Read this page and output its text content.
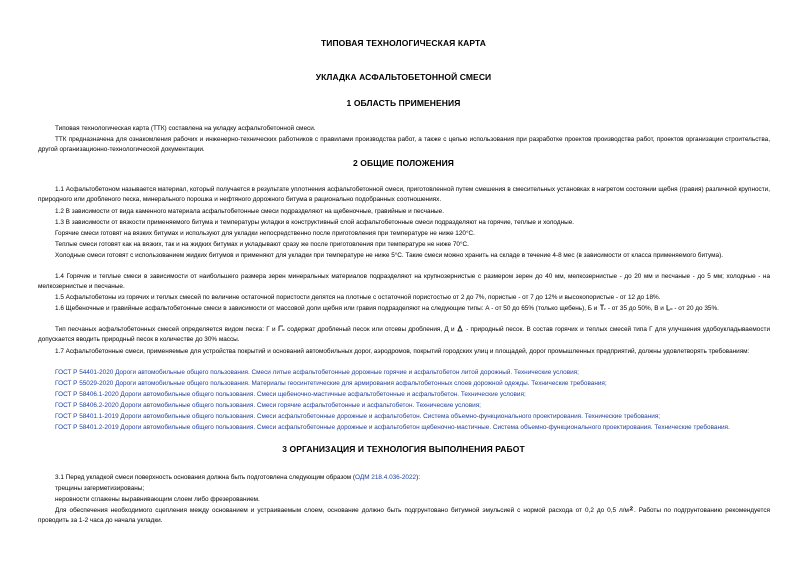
ТИПОВАЯ ТЕХНОЛОГИЧЕСКАЯ КАРТА
УКЛАДКА АСФАЛЬТОБЕТОННОЙ СМЕСИ
1 ОБЛАСТЬ ПРИМЕНЕНИЯ
Типовая технологическая карта (ТТК) составлена на укладку асфальтобетонной смеси.
ТТК предназначена для ознакомления рабочих и инженерно-технических работников с правилами производства работ, а также с целью использования при разработке проектов производства работ, проектов организации строительства, другой организационно-технологической документации.
2 ОБЩИЕ ПОЛОЖЕНИЯ
1.1 Асфальтобетоном называется материал, который получается в результате уплотнения асфальтобетонной смеси, приготовленной путем смешения в смесительных установках в нагретом состоянии щебня (гравия) различной крупности, природного или дробленого песка, минерального порошка и нефтяного дорожного битума в рационально подобранных соотношениях.
1.2 В зависимости от вида каменного материала асфальтобетонные смеси подразделяют на щебеночные, гравийные и песчаные.
1.3 В зависимости от вязкости применяемого битума и температуры укладки в конструктивный слой асфальтобетонные смеси подразделяют на горячие, теплые и холодные.
Горячие смеси готовят на вязких битумах и используют для укладки непосредственно после приготовления при температуре не ниже 120°С.
Теплые смеси готовят как на вязких, так и на жидких битумах и укладывают сразу же после приготовления при температуре не ниже 70°С.
Холодные смеси готовят с использованием жидких битумов и применяют для укладки при температуре не ниже 5°С. Такие смеси можно хранить на складе в течение 4-8 мес (в зависимости от класса применяемого битума).
1.4 Горячие и теплые смеси в зависимости от наибольшего размера зерен минеральных материалов подразделяют на крупнозернистые с размером зерен до 40 мм, мелкозернистые - до 20 мм и песчаные - до 5 мм; холодные - на мелкозернистые и песчаные.
1.5 Асфальтобетоны из горячих и теплых смесей по величине остаточной пористости делятся на плотные с остаточной пористостью от 2 до 7%, пористые - от 7 до 12% и высокопористые - от 12 до 18%.
1.6 Щебеночные и гравийные асфальтобетонные смеси в зависимости от массовой доли щебня или гравия подразделяют на следующие типы: А - от 50 до 65% (только щебень), Б и - от 35 до 50%, В и - от 20 до 35%.
Тип песчаных асфальтобетонных смесей определяется видом песка: Г и содержат дробленый песок или отсевы дробления, Д и - природный песок. В состав горячих и теплых смесей типа Г для улучшения удобоукладываемости допускается вводить природный песок в количестве до 30% массы.
1.7 Асфальтобетонные смеси, применяемые для устройства покрытий и оснований автомобильных дорог, аэродромов, покрытий городских улиц и площадей, дорог промышленных предприятий, должны удовлетворять требованиям:
ГОСТ Р 54401-2020 Дороги автомобильные общего пользования. Смеси литые асфальтобетонные дорожные горячие и асфальтобетон литой дорожный. Технические условия;
ГОСТ Р 55029-2020 Дороги автомобильные общего пользования. Материалы геосинтетические для армирования асфальтобетонных слоев дорожной одежды. Технические требования;
ГОСТ Р 58406.1-2020 Дороги автомобильные общего пользования. Смеси щебеночно-мастичные асфальтобетонные и асфальтобетон. Технические условия;
ГОСТ Р 58406.2-2020 Дороги автомобильные общего пользования. Смеси горячие асфальтобетонные и асфальтобетон. Технические условия;
ГОСТ Р 58401.1-2019 Дороги автомобильные общего пользования. Смеси асфальтобетонные дорожные и асфальтобетон. Система объемно-функционального проектирования. Технические требования;
ГОСТ Р 58401.2-2019 Дороги автомобильные общего пользования. Смеси асфальтобетонные дорожные и асфальтобетон щебеночно-мастичные. Система объемно-функционального проектирования. Технические требования.
3 ОРГАНИЗАЦИЯ И ТЕХНОЛОГИЯ ВЫПОЛНЕНИЯ РАБОТ
3.1 Перед укладкой смеси поверхность основания должна быть подготовлена следующим образом (ОДМ 218.4.036-2022):
трещины загерметизированы;
неровности сглажены выравнивающим слоем либо фрезерованием.
Для обеспечения необходимого сцепления между основанием и устраиваемым слоем, основание должно быть подгрунтовано битумной эмульсией с нормой расхода от 0,2 до 0,5 л/м . Работы по подгрунтованию рекомендуется проводить за 1-2 часа до начала укладки.
